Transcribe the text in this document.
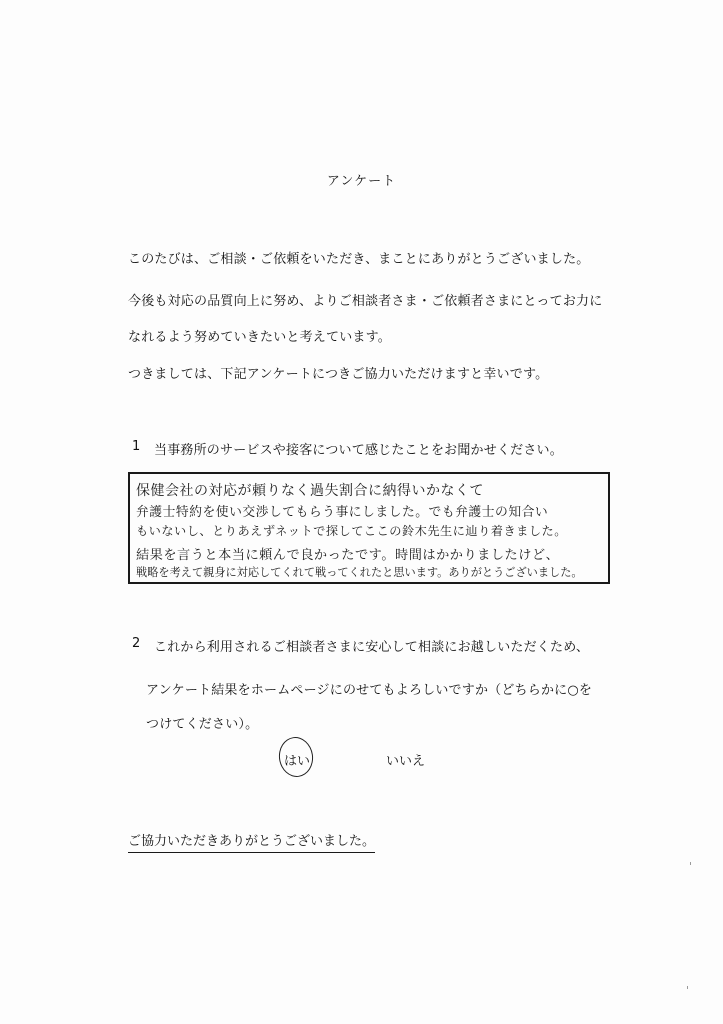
アンケート
このたびは、ご相談・ご依頼をいただき、まことにありがとうございました。
今後も対応の品質向上に努め、よりご相談者さま・ご依頼者さまにとってお力に
なれるよう努めていきたいと考えています。
つきましては、下記アンケートにつきご協力いただけますと幸いです。
1 当事務所のサービスや接客について感じたことをお聞かせください。
保健会社の対応が頼りなく過失割合に納得いかなくて
弁護士特約を使い交渉してもらう事にしました。でも弁護士の知合い
もいないし、とりあえずネットで探してここの鈴木先生に辿り着きました。
結果を言うと本当に頼んで良かったです。時間はかかりましたけど、
戦略を考えて親身に対応してくれて戦ってくれたと思います。ありがとうございました。
2 これから利用されるご相談者さまに安心して相談にお越しいただくため、
アンケート結果をホームページにのせてもよろしいですか（どちらかに○を
つけてください）。
はい	いいえ
ご協力いただきありがとうございました。
